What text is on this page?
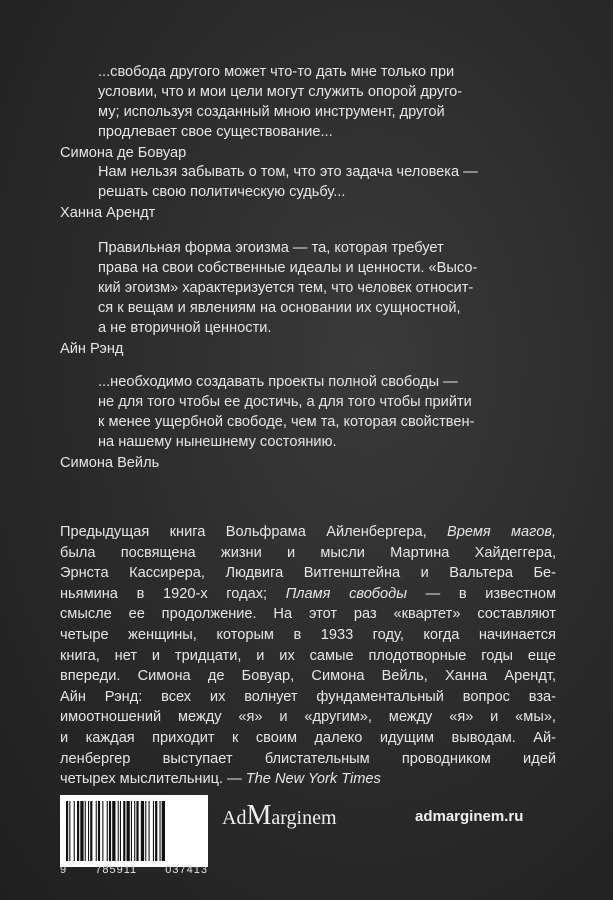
...свобода другого может что-то дать мне только при

условии, что и мои цели могут служить опорой друго-

му; используя созданный мною инструмент, другой

продлевает свое существование...

Симона де Бовуар

Нам нельзя забывать о том, что это задача человека —

решать свою политическую судьбу...

Ханна Арендт

Правильная форма эгоизма — та, которая требует

права на свои собственные идеалы и ценности. «Высо-

кий эгоизм» характеризуется тем, что человек относит-

ся к вещам и явлениям на основании их сущностной,

а не вторичной ценности.

Айн Рэнд

...необходимо создавать проекты полной свободы —

не для того чтобы ее достичь, а для того чтобы прийти

к менее ущербной свободе, чем та, которая свойствен-

на нашему нынешнему состоянию.

Симона Вейль
Предыдущая книга Вольфрама Айленбергера, Время магов,
была посвящена жизни и мысли Мартина Хайдеггера,
Эрнста Кассирера, Людвига Витгенштейна и Вальтера Бе-
ньямина в 1920-х годах; Пламя свободы — в известном
смысле ее продолжение. На этот раз «квартет» составляют
четыре женщины, которым в 1933 году, когда начинается
книга, нет и тридцати, и их самые плодотворные годы еще
впереди. Симона де Бовуар, Симона Вейль, Ханна Арендт,
Айн Рэнд: всех их волнует фундаментальный вопрос вза-
имоотношений между «я» и «другим», между «я» и «мы»,
и каждая приходит к своим далеко идущим выводам. Ай-
ленбергер выступает блистательным проводником идей
четырех мыслительниц. — The New York Times
9	785911	037413
AdMarginem	admarginem.ru
